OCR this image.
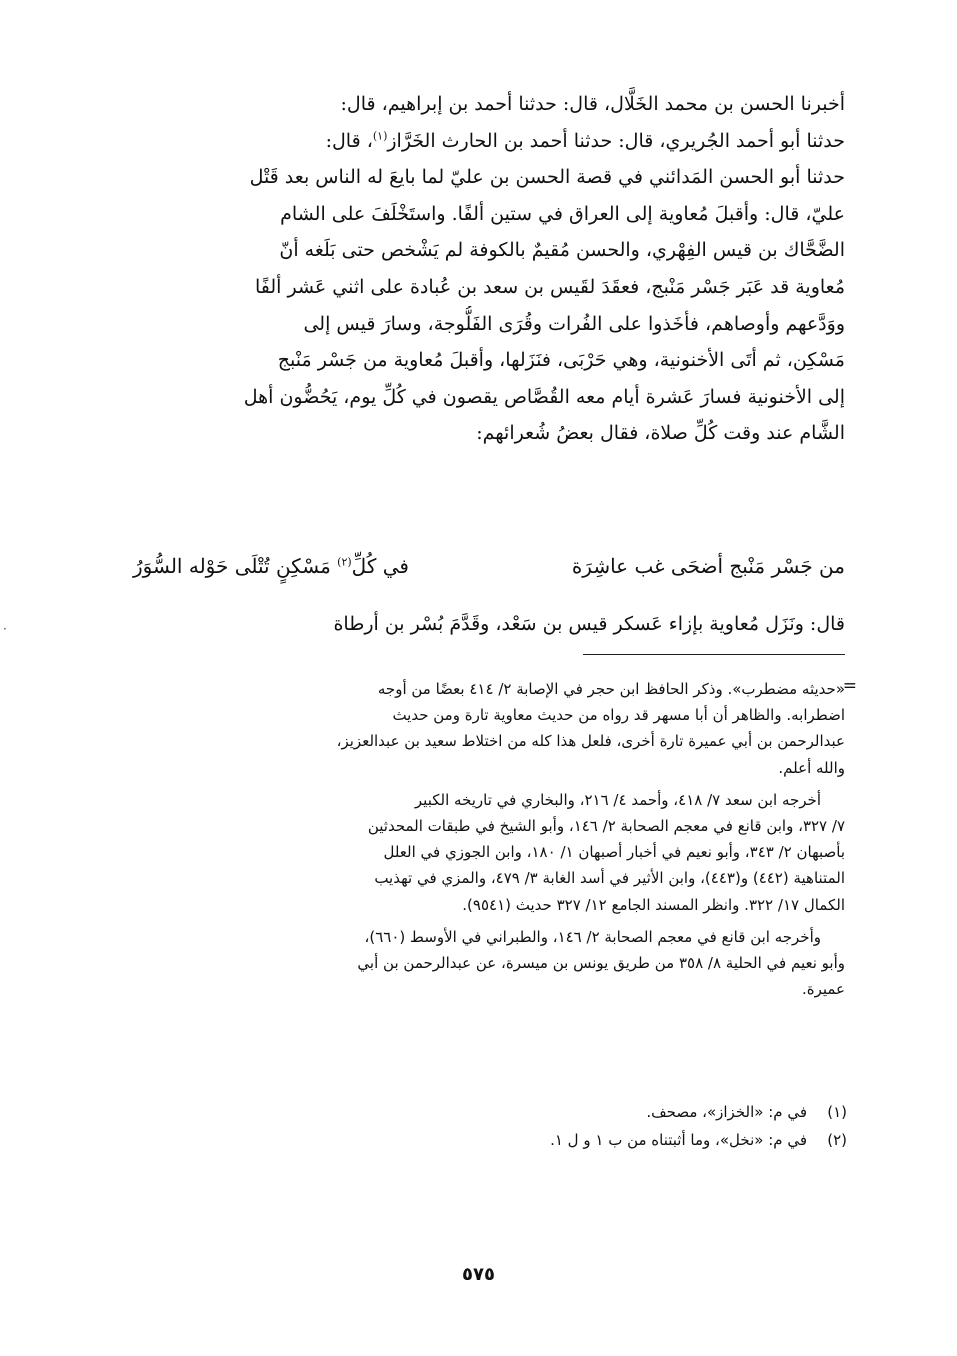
أخبرنا الحسن بن محمد الخَلَّال، قال: حدثنا أحمد بن إبراهيم، قال:
حدثنا أبو أحمد الجُريري، قال: حدثنا أحمد بن الحارث الخَرَّاز$^{(١)}$، قال:
حدثنا أبو الحسن المَدائني في قصة الحسن بن عليّ لما بايعَ له الناس بعد قَتْل
عليّ، قال: وأقبلَ مُعاوية إلى العراق في ستين ألفًا. واستَخْلَفَ على الشام
الضَّحَّاك بن قيس الفِهْري، والحسن مُقيمٌ بالكوفة لم يَشْخص حتى بَلَغه أنّ
مُعاوية قد عَبَر جَسْر مَنْبج، فعقَدَ لقَيس بن سعد بن عُبادة على اثني عَشر ألفًا
ووَدَّعهم وأوصاهم، فأخَذوا على الفُرات وقُرَى الفَلُّوجة، وسارَ قيس إلى
مَسْكِن، ثم أتَى الأخنونية، وهي حَرْبَى، فنَزَلها، وأقبلَ مُعاوية من جَسْر مَنْبج
إلى الأخنونية فسارَ عَشرة أيام معه القُصَّاص يقصون في كُلِّ يوم، يَحُضُّون أهل
الشَّام عند وقت كُلِّ صلاة، فقال بعضُ شُعرائهم:
من جَسْر مَنْبج أضحَى غب عاشِرَة
في كُلِّ$^{(٢)}$ مَسْكِنٍ تُتْلَى حَوْله السُّوَرُ
قال: ونَزَل مُعاوية بإزاء عَسكر قيس بن سَعْد، وقَدَّمَ بُسْر بن أرطاة
·
=
«حديثه مضطرب». وذكر الحافظ ابن حجر في الإصابة ٢/ ٤١٤ بعضًا من أوجه
اضطرابه. والظاهر أن أبا مسهر قد رواه من حديث معاوية تارة ومن حديث
عبدالرحمن بن أبي عميرة تارة أخرى، فلعل هذا كله من اختلاط سعيد بن عبدالعزيز،
والله أعلم.
أخرجه ابن سعد ٧/ ٤١٨، وأحمد ٤/ ٢١٦، والبخاري في تاريخه الكبير
٧/ ٣٢٧، وابن قانع في معجم الصحابة ٢/ ١٤٦، وأبو الشيخ في طبقات المحدثين
بأصبهان ٢/ ٣٤٣، وأبو نعيم في أخبار أصبهان ١/ ١٨٠، وابن الجوزي في العلل
المتناهية (٤٤٢) و(٤٤٣)، وابن الأثير في أسد الغابة ٣/ ٤٧٩، والمزي في تهذيب
الكمال ١٧/ ٣٢٢. وانظر المسند الجامع ١٢/ ٣٢٧ حديث (٩٥٤١).
وأخرجه ابن قانع في معجم الصحابة ٢/ ١٤٦، والطبراني في الأوسط (٦٦٠)،
وأبو نعيم في الحلية ٨/ ٣٥٨ من طريق يونس بن ميسرة، عن عبدالرحمن بن أبي
عميرة.
(١)في م: «الخزاز»، مصحف.
(٢)في م: «نخل»، وما أثبتناه من ب ١ و ل ١.
٥٧٥
